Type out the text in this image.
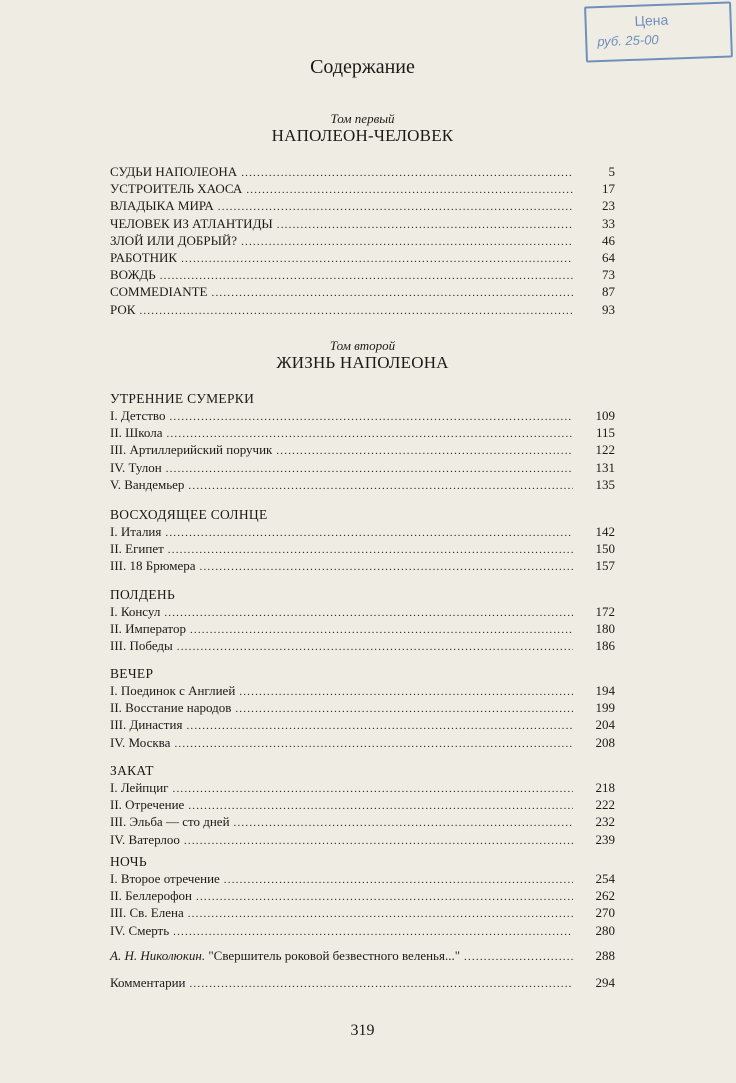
Цена
руб. 25-00
Содержание
Том первый
НАПОЛЕОН-ЧЕЛОВЕК
СУДЬИ НАПОЛЕОНА .....	5
УСТРОИТЕЛЬ ХАОСА .....	17
ВЛАДЫКА МИРА .....	23
ЧЕЛОВЕК ИЗ АТЛАНТИДЫ .....	33
ЗЛОЙ ИЛИ ДОБРЫЙ? .....	46
РАБОТНИК .....	64
ВОЖДЬ .....	73
COMMEDIANTE .....	87
РОК .....	93
Том второй
ЖИЗНЬ НАПОЛЕОНА
УТРЕННИЕ СУМЕРКИ
I. Детство .....	109
II. Школа .....	115
III. Артиллерийский поручик .....	122
IV. Тулон .....	131
V. Вандемьер .....	135
ВОСХОДЯЩЕЕ СОЛНЦЕ
I. Италия .....	142
II. Египет .....	150
III. 18 Брюмера .....	157
ПОЛДЕНЬ
I. Консул .....	172
II. Император .....	180
III. Победы .....	186
ВЕЧЕР
I. Поединок с Англией .....	194
II. Восстание народов .....	199
III. Династия .....	204
IV. Москва .....	208
ЗАКАТ
I. Лейпциг .....	218
II. Отречение .....	222
III. Эльба — сто дней .....	232
IV. Ватерлоо .....	239
НОЧЬ
I. Второе отречение .....	254
II. Беллерофон .....	262
III. Св. Елена .....	270
IV. Смерть .....	280
А. Н. Николюкин. "Свершитель роковой безвестного веленья..." .....	288
Комментарии .....	294
319
